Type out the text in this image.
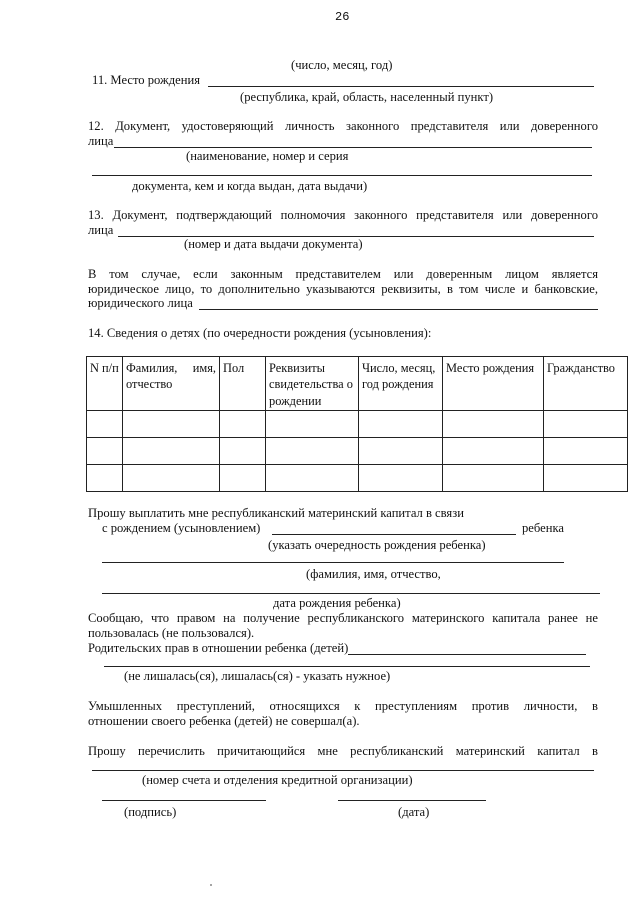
26
(число, месяц, год)
11. Место рождения
(республика, край, область, населенный пункт)
12. Документ, удостоверяющий личность законного представителя или доверенного
лица
(наименование, номер и серия
документа, кем и когда выдан, дата выдачи)
13. Документ, подтверждающий полномочия законного представителя или доверенного
лица
(номер и дата выдачи документа)
В том случае, если законным представителем или доверенным лицом является
юридическое лицо, то дополнительно указываются реквизиты, в том числе и банковские,
юридического лица
14. Сведения о детях (по очередности рождения (усыновления):
N п/п	Фамилия, имя, отчество	Пол	Реквизиты свидетельства о рождении	Число, месяц, год рождения	Место рождения	Гражданство

Прошу выплатить мне республиканский материнский капитал в связи
с рождением (усыновлением)	ребенка
(указать очередность рождения ребенка)
(фамилия, имя, отчество,
дата рождения ребенка)
Сообщаю, что правом на получение республиканского материнского капитала ранее не
пользовалась (не пользовался).
Родительских прав в отношении ребенка (детей)
(не лишалась(ся), лишалась(ся) - указать нужное)
Умышленных преступлений, относящихся к преступлениям против личности, в
отношении своего ребенка (детей) не совершал(а).
Прошу перечислить причитающийся мне республиканский материнский капитал в
(номер счета и отделения кредитной организации)
(подпись)	(дата)
